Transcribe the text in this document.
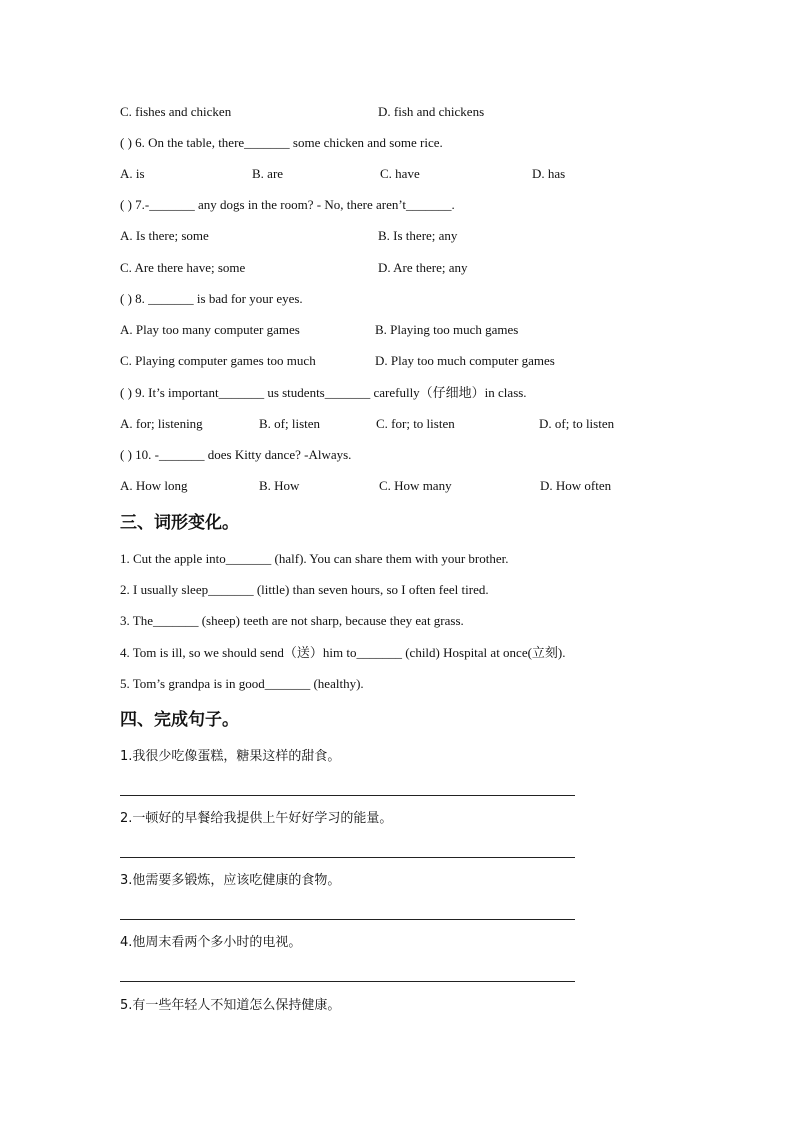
C. fishes and chicken	D. fish and chickens
( ) 6. On the table, there_______ some chicken and some rice.
A. is	B. are	C. have	D. has
( ) 7.-_______ any dogs in the room? - No, there aren’t_______.
A. Is there; some	B. Is there; any
C. Are there have; some	D. Are there; any
( ) 8. _______ is bad for your eyes.
A. Play too many computer games	B. Playing too much games
C. Playing computer games too much	D. Play too much computer games
( ) 9. It’s important_______ us students_______ carefully（仔细地）in class.
A. for; listening	B. of; listen	C. for; to listen	D. of; to listen
( ) 10. -_______ does Kitty dance? -Always.
A. How long	B. How	C. How many	D. How often
三、词形变化。
1. Cut the apple into_______ (half). You can share them with your brother.
2. I usually sleep_______ (little) than seven hours, so I often feel tired.
3. The_______ (sheep) teeth are not sharp, because they eat grass.
4. Tom is ill, so we should send（送）him to_______ (child) Hospital at once(立刻).
5. Tom’s grandpa is in good_______ (healthy).
四、完成句子。
1.我很少吃像蛋糕，糖果这样的甜食。
2.一顿好的早餐给我提供上午好好学习的能量。
3.他需要多锻炼，应该吃健康的食物。
4.他周末看两个多小时的电视。
5.有一些年轻人不知道怎么保持健康。
